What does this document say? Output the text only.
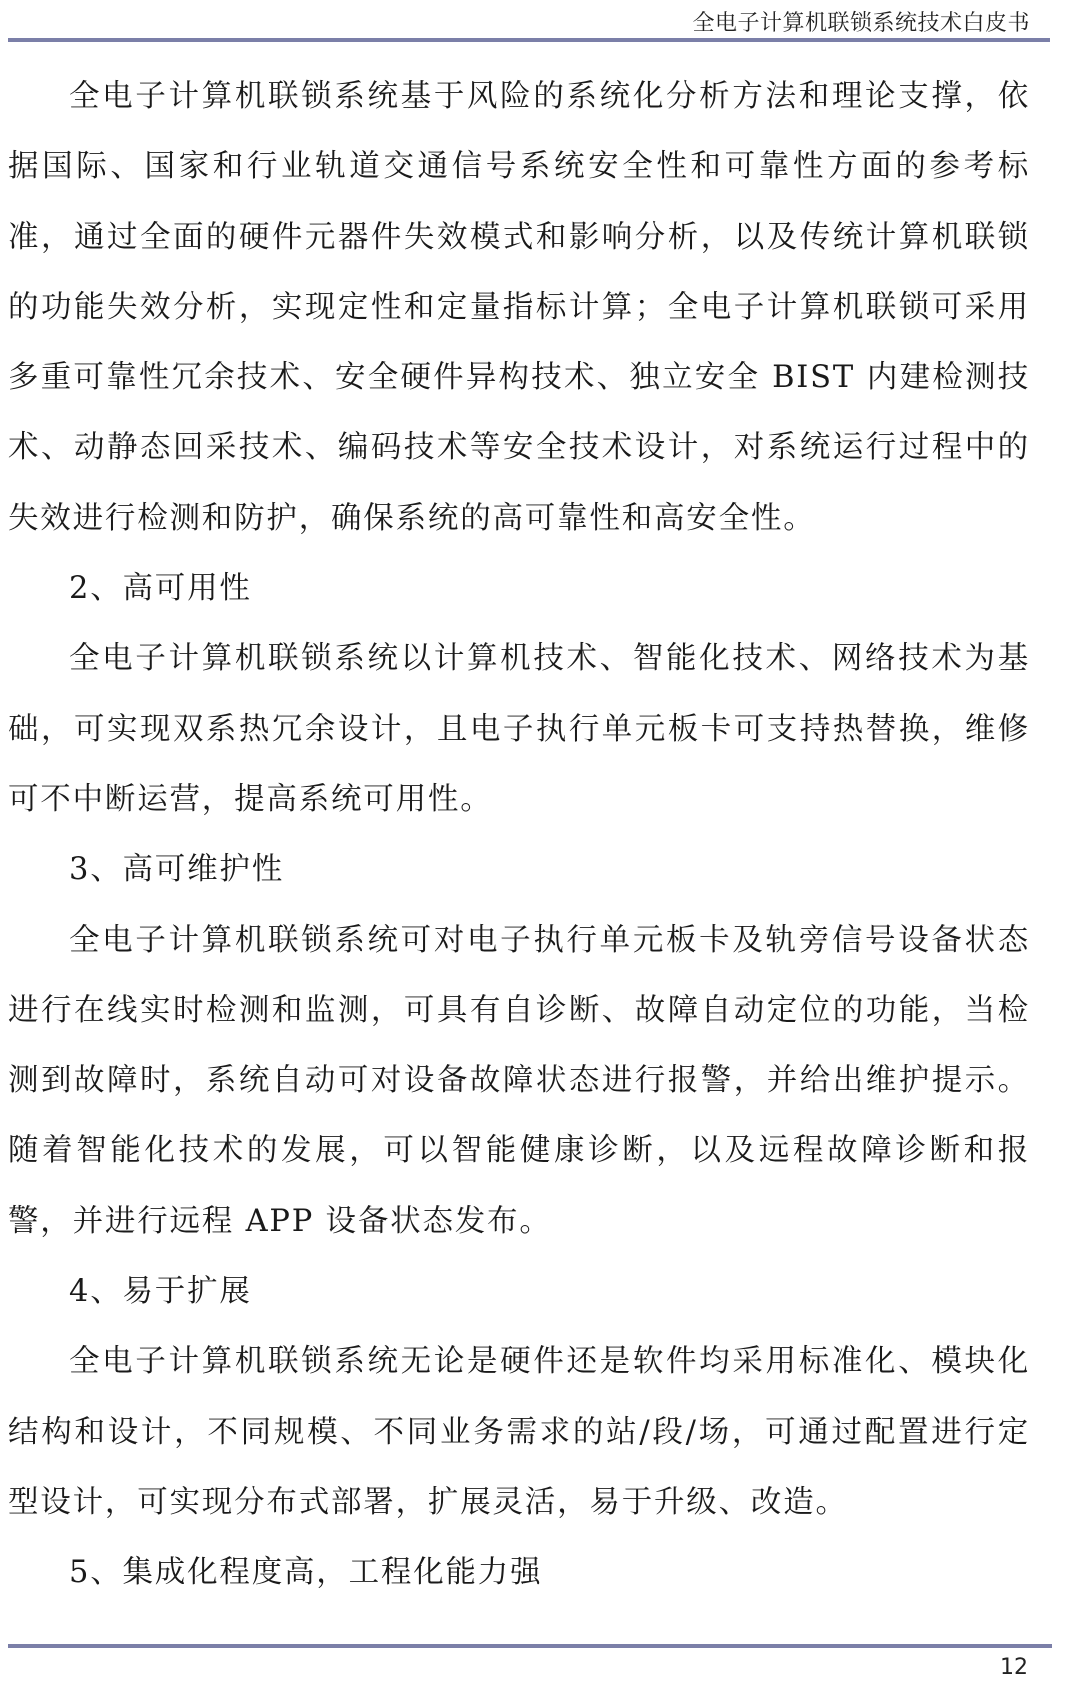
全电子计算机联锁系统技术白皮书

全电子计算机联锁系统基于风险的系统化分析方法和理论支撑，依据国际、国家和行业轨道交通信号系统安全性和可靠性方面的参考标准，通过全面的硬件元器件失效模式和影响分析，以及传统计算机联锁的功能失效分析，实现定性和定量指标计算；全电子计算机联锁可采用多重可靠性冗余技术、安全硬件异构技术、独立安全 BIST 内建检测技术、动静态回采技术、编码技术等安全技术设计，对系统运行过程中的失效进行检测和防护，确保系统的高可靠性和高安全性。

2、高可用性

全电子计算机联锁系统以计算机技术、智能化技术、网络技术为基础，可实现双系热冗余设计，且电子执行单元板卡可支持热替换，维修可不中断运营，提高系统可用性。

3、高可维护性

全电子计算机联锁系统可对电子执行单元板卡及轨旁信号设备状态进行在线实时检测和监测，可具有自诊断、故障自动定位的功能，当检测到故障时，系统自动可对设备故障状态进行报警，并给出维护提示。随着智能化技术的发展，可以智能健康诊断，以及远程故障诊断和报警，并进行远程 APP 设备状态发布。

4、易于扩展

全电子计算机联锁系统无论是硬件还是软件均采用标准化、模块化结构和设计，不同规模、不同业务需求的站/段/场，可通过配置进行定型设计，可实现分布式部署，扩展灵活，易于升级、改造。

5、集成化程度高，工程化能力强

12
